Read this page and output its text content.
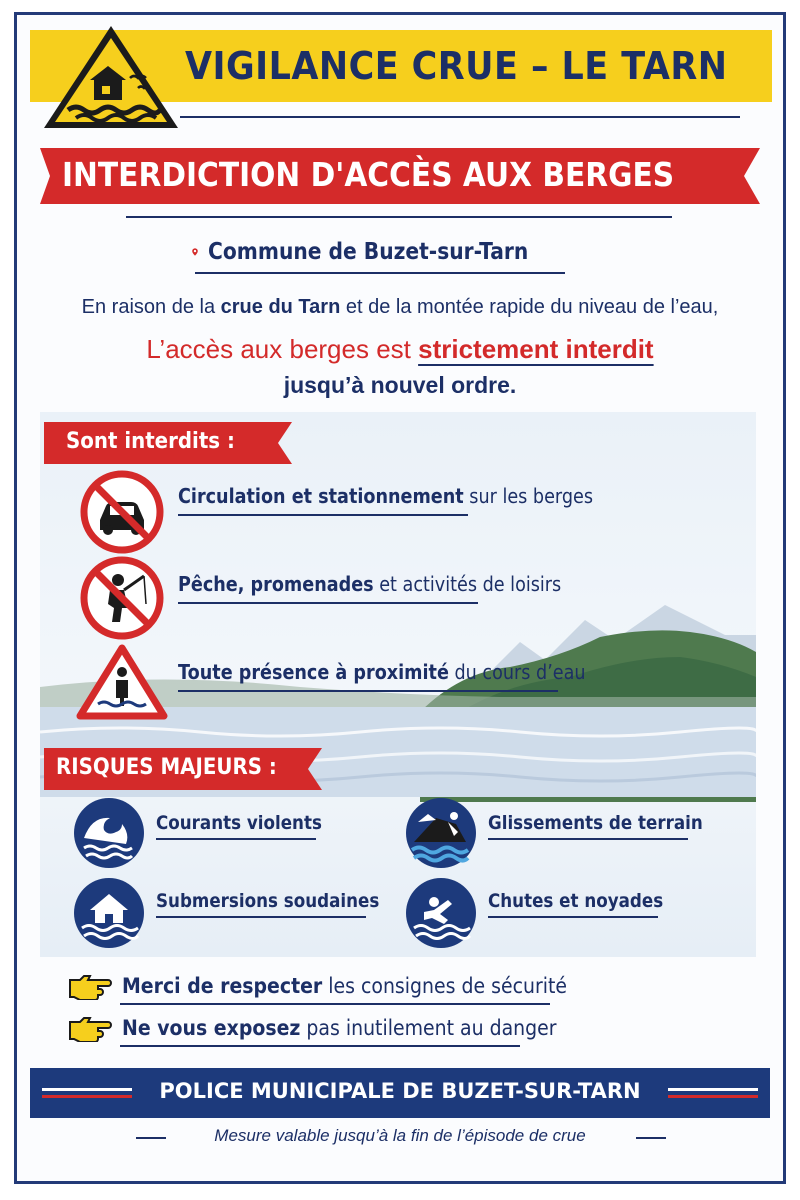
VIGILANCE CRUE – LE TARN
INTERDICTION D'ACCÈS AUX BERGES
Commune de Buzet-sur-Tarn
En raison de la crue du Tarn et de la montée rapide du niveau de l’eau,
L’accès aux berges est strictement interdit
jusqu’à nouvel ordre.
Sont interdits :
Circulation et stationnement sur les berges
Pêche, promenades et activités de loisirs
Toute présence à proximité du cours d’eau
RISQUES MAJEURS :
Courants violents	Glissements de terrain
Submersions soudaines	Chutes et noyades
Merci de respecter les consignes de sécurité
Ne vous exposez pas inutilement au danger
POLICE MUNICIPALE DE BUZET-SUR-TARN
Mesure valable jusqu’à la fin de l’épisode de crue
